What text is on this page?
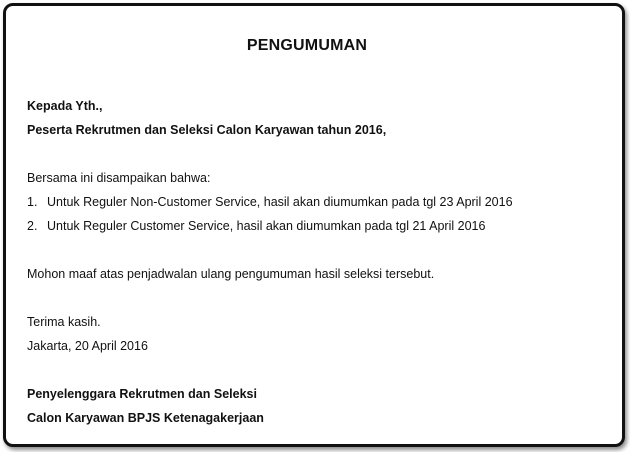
PENGUMUMAN

Kepada Yth.,

Peserta Rekrutmen dan Seleksi Calon Karyawan tahun 2016,

Bersama ini disampaikan bahwa:

1. Untuk Reguler Non-Customer Service, hasil akan diumumkan pada tgl 23 April 2016
2. Untuk Reguler Customer Service, hasil akan diumumkan pada tgl 21 April 2016

Mohon maaf atas penjadwalan ulang pengumuman hasil seleksi tersebut.

Terima kasih.

Jakarta, 20 April 2016

Penyelenggara Rekrutmen dan Seleksi

Calon Karyawan BPJS Ketenagakerjaan
